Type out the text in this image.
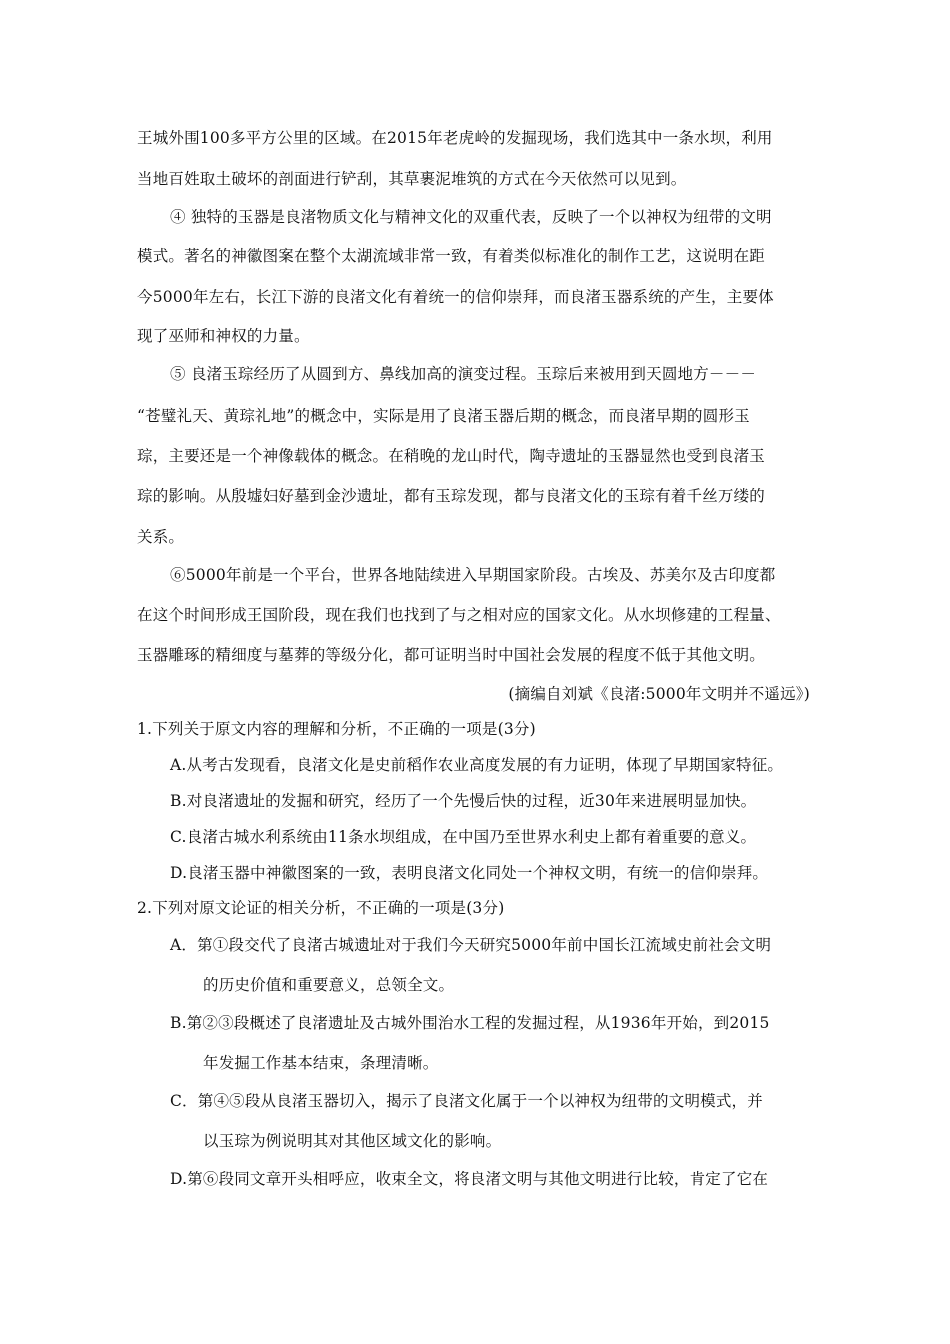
王城外围100多平方公里的区域。在2015年老虎岭的发掘现场，我们选其中一条水坝，利用
当地百姓取土破坏的剖面进行铲刮，其草裹泥堆筑的方式在今天依然可以见到。
④ 独特的玉器是良渚物质文化与精神文化的双重代表，反映了一个以神权为纽带的文明
模式。著名的神徽图案在整个太湖流域非常一致，有着类似标准化的制作工艺，这说明在距
今5000年左右，长江下游的良渚文化有着统一的信仰崇拜，而良渚玉器系统的产生，主要体
现了巫师和神权的力量。
⑤ 良渚玉琮经历了从圆到方、鼻线加高的演变过程。玉琮后来被用到天圆地方－－－
“苍璧礼天、黄琮礼地”的概念中，实际是用了良渚玉器后期的概念，而良渚早期的圆形玉
琮，主要还是一个神像载体的概念。在稍晚的龙山时代，陶寺遗址的玉器显然也受到良渚玉
琮的影响。从殷墟妇好墓到金沙遗址，都有玉琮发现，都与良渚文化的玉琮有着千丝万缕的
关系。
⑥5000年前是一个平台，世界各地陆续进入早期国家阶段。古埃及、苏美尔及古印度都
在这个时间形成王国阶段，现在我们也找到了与之相对应的国家文化。从水坝修建的工程量、
玉器雕琢的精细度与墓葬的等级分化，都可证明当时中国社会发展的程度不低于其他文明。
(摘编自刘斌《良渚:5000年文明并不遥远》)
1.下列关于原文内容的理解和分析，不正确的一项是(3分)
A.从考古发现看，良渚文化是史前稻作农业高度发展的有力证明，体现了早期国家特征。
B.对良渚遗址的发掘和研究，经历了一个先慢后快的过程，近30年来进展明显加快。
C.良渚古城水利系统由11条水坝组成，在中国乃至世界水利史上都有着重要的意义。
D.良渚玉器中神徽图案的一致，表明良渚文化同处一个神权文明，有统一的信仰崇拜。
2.下列对原文论证的相关分析，不正确的一项是(3分)
A．第①段交代了良渚古城遗址对于我们今天研究5000年前中国长江流域史前社会文明
的历史价值和重要意义，总领全文。
B.第②③段概述了良渚遗址及古城外围治水工程的发掘过程，从1936年开始，到2015
年发掘工作基本结束，条理清晰。
C．第④⑤段从良渚玉器切入，揭示了良渚文化属于一个以神权为纽带的文明模式，并
以玉琮为例说明其对其他区域文化的影响。
D.第⑥段同文章开头相呼应，收束全文，将良渚文明与其他文明进行比较，肯定了它在
